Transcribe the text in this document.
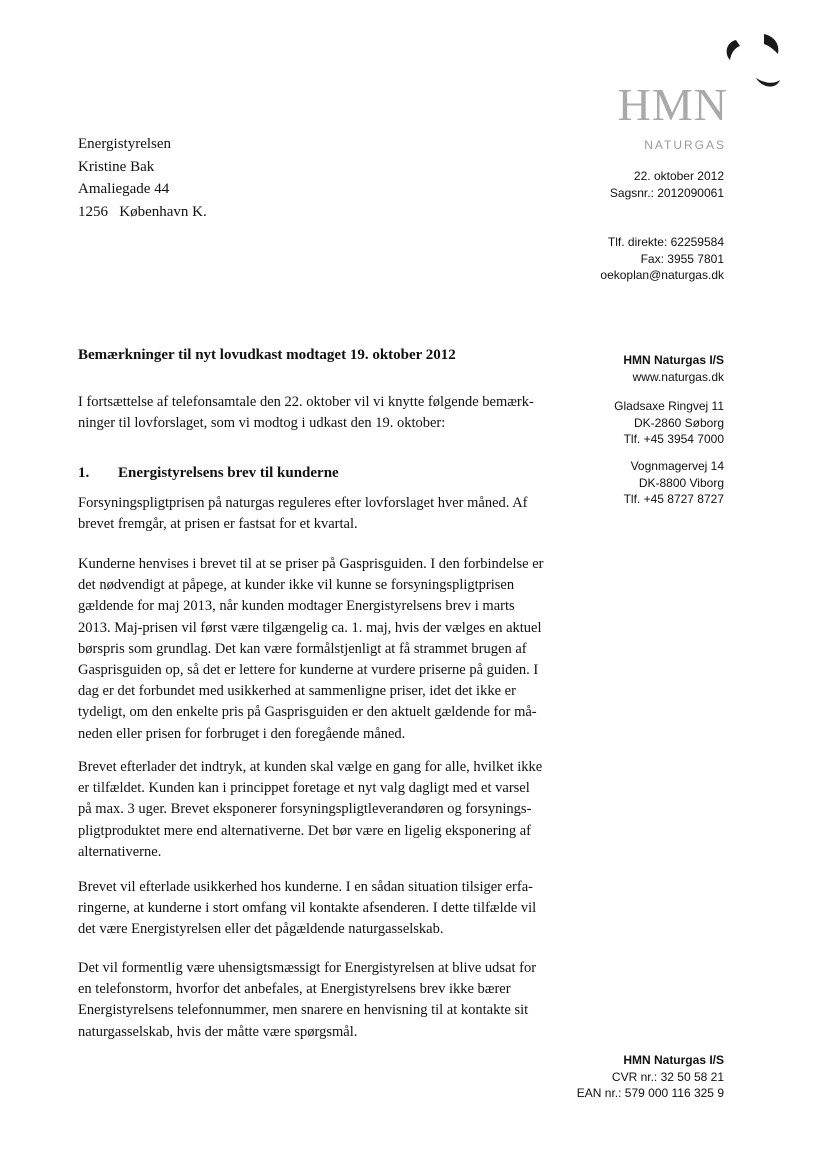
HMN
NATURGAS
Energistyrelsen
Kristine Bak
Amaliegade 44
1256   København K.
22. oktober 2012
Sagsnr.: 2012090061
Tlf. direkte: 62259584
Fax: 3955 7801
oekoplan@naturgas.dk
HMN Naturgas I/S
www.naturgas.dk
Gladsaxe Ringvej 11
DK-2860 Søborg
Tlf. +45 3954 7000
Vognmagervej 14
DK-8800 Viborg
Tlf. +45 8727 8727
Bemærkninger til nyt lovudkast modtaget 19. oktober 2012
I fortsættelse af telefonsamtale den 22. oktober vil vi knytte følgende bemærk-
ninger til lovforslaget, som vi modtog i udkast den 19. oktober:
1. Energistyrelsens brev til kunderne
Forsyningspligtprisen på naturgas reguleres efter lovforslaget hver måned. Af
brevet fremgår, at prisen er fastsat for et kvartal.
Kunderne henvises i brevet til at se priser på Gasprisguiden. I den forbindelse er
det nødvendigt at påpege, at kunder ikke vil kunne se forsyningspligtprisen
gældende for maj 2013, når kunden modtager Energistyrelsens brev i marts
2013. Maj-prisen vil først være tilgængelig ca. 1. maj, hvis der vælges en aktuel
børspris som grundlag. Det kan være formålstjenligt at få strammet brugen af
Gasprisguiden op, så det er lettere for kunderne at vurdere priserne på guiden. I
dag er det forbundet med usikkerhed at sammenligne priser, idet det ikke er
tydeligt, om den enkelte pris på Gasprisguiden er den aktuelt gældende for må-
neden eller prisen for forbruget i den foregående måned.
Brevet efterlader det indtryk, at kunden skal vælge en gang for alle, hvilket ikke
er tilfældet. Kunden kan i princippet foretage et nyt valg dagligt med et varsel
på max. 3 uger. Brevet eksponerer forsyningspligtleverandøren og forsynings-
pligtproduktet mere end alternativerne. Det bør være en ligelig eksponering af
alternativerne.
Brevet vil efterlade usikkerhed hos kunderne. I en sådan situation tilsiger erfa-
ringerne, at kunderne i stort omfang vil kontakte afsenderen. I dette tilfælde vil
det være Energistyrelsen eller det pågældende naturgasselskab.
Det vil formentlig være uhensigtsmæssigt for Energistyrelsen at blive udsat for
en telefonstorm, hvorfor det anbefales, at Energistyrelsens brev ikke bærer
Energistyrelsens telefonnummer, men snarere en henvisning til at kontakte sit
naturgasselskab, hvis der måtte være spørgsmål.
HMN Naturgas I/S
CVR nr.: 32 50 58 21
EAN nr.: 579 000 116 325 9
